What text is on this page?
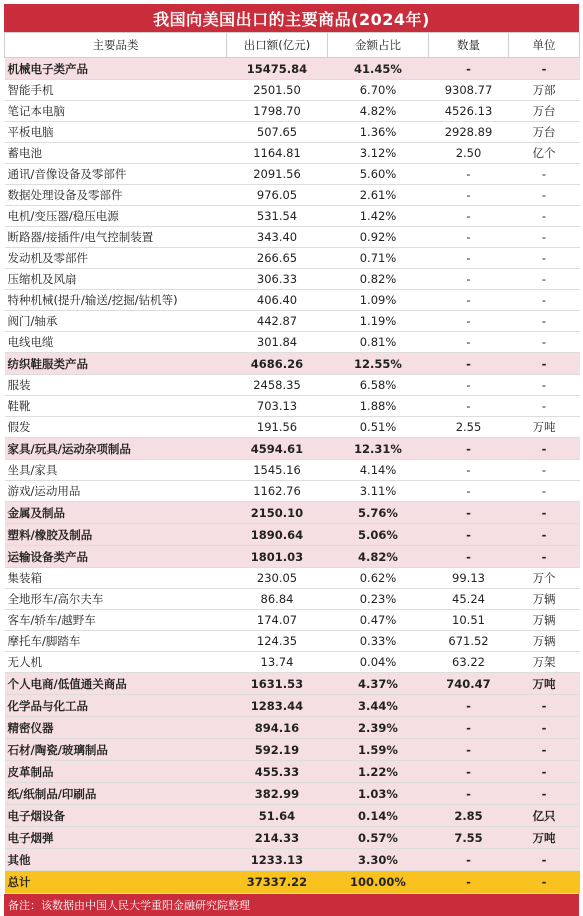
我国向美国出口的主要商品(2024年)
主要品类	出口额(亿元)	金额占比	数量	单位
机械电子类产品	15475.84	41.45%	-	-
智能手机	2501.50	6.70%	9308.77	万部
笔记本电脑	1798.70	4.82%	4526.13	万台
平板电脑	507.65	1.36%	2928.89	万台
蓄电池	1164.81	3.12%	2.50	亿个
通讯/音像设备及零部件	2091.56	5.60%	-	-
数据处理设备及零部件	976.05	2.61%	-	-
电机/变压器/稳压电源	531.54	1.42%	-	-
断路器/接插件/电气控制装置	343.40	0.92%	-	-
发动机及零部件	266.65	0.71%	-	-
压缩机及风扇	306.33	0.82%	-	-
特种机械(提升/输送/挖掘/钻机等)	406.40	1.09%	-	-
阀门/轴承	442.87	1.19%	-	-
电线电缆	301.84	0.81%	-	-
纺织鞋服类产品	4686.26	12.55%	-	-
服装	2458.35	6.58%	-	-
鞋靴	703.13	1.88%	-	-
假发	191.56	0.51%	2.55	万吨
家具/玩具/运动杂项制品	4594.61	12.31%	-	-
坐具/家具	1545.16	4.14%	-	-
游戏/运动用品	1162.76	3.11%	-	-
金属及制品	2150.10	5.76%	-	-
塑料/橡胶及制品	1890.64	5.06%	-	-
运输设备类产品	1801.03	4.82%	-	-
集装箱	230.05	0.62%	99.13	万个
全地形车/高尔夫车	86.84	0.23%	45.24	万辆
客车/轿车/越野车	174.07	0.47%	10.51	万辆
摩托车/脚踏车	124.35	0.33%	671.52	万辆
无人机	13.74	0.04%	63.22	万架
个人电商/低值通关商品	1631.53	4.37%	740.47	万吨
化学品与化工品	1283.44	3.44%	-	-
精密仪器	894.16	2.39%	-	-
石材/陶瓷/玻璃制品	592.19	1.59%	-	-
皮革制品	455.33	1.22%	-	-
纸/纸制品/印刷品	382.99	1.03%	-	-
电子烟设备	51.64	0.14%	2.85	亿只
电子烟弹	214.33	0.57%	7.55	万吨
其他	1233.13	3.30%	-	-
总计	37337.22	100.00%	-	-
备注：该数据由中国人民大学重阳金融研究院整理
